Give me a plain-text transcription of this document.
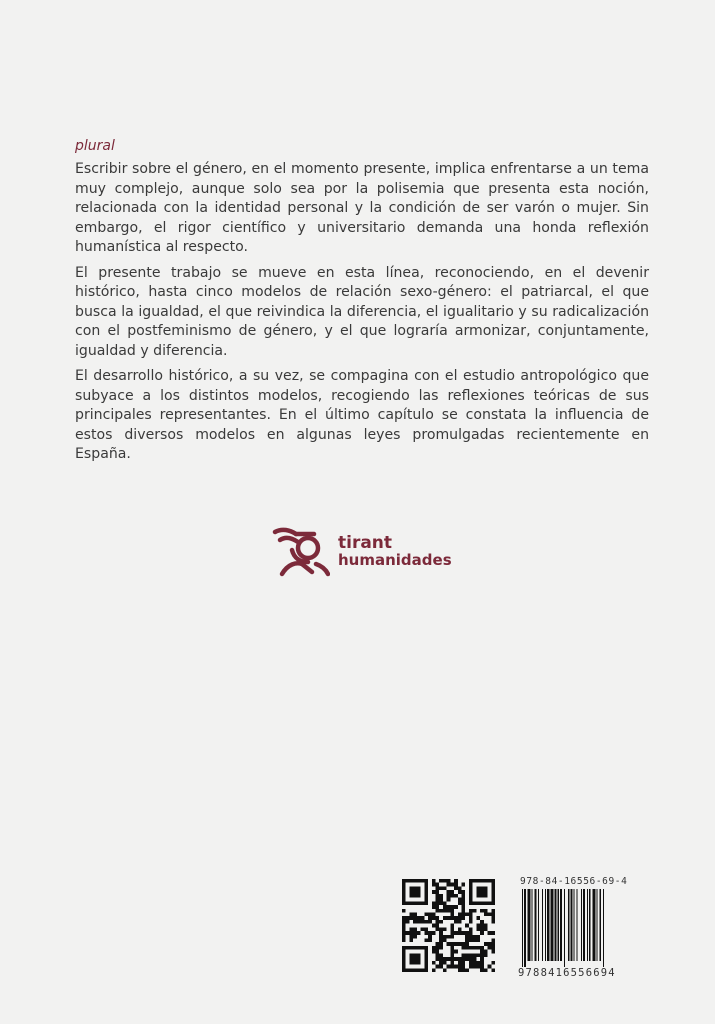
plural

Escribir sobre el género, en el momento presente, implica enfrentarse a un tema muy complejo, aunque solo sea por la polisemia que presenta esta noción, relacionada con la identidad personal y la condición de ser varón o mujer. Sin embargo, el rigor científico y universitario demanda una honda reflexión humanística al respecto.

El presente trabajo se mueve en esta línea, reconociendo, en el devenir histórico, hasta cinco modelos de relación sexo-género: el patriarcal, el que busca la igualdad, el que reivindica la diferencia, el igualitario y su radicalización con el postfeminismo de género, y el que lograría armonizar, conjuntamente, igualdad y diferencia.

El desarrollo histórico, a su vez, se compagina con el estudio antropológico que subyace a los distintos modelos, recogiendo las reflexiones teóricas de sus principales representantes. En el último capítulo se constata la influencia de estos diversos modelos en algunas leyes promulgadas recientemente en España.

tirant
humanidades
978-84-16556-69-4
9788416556694
